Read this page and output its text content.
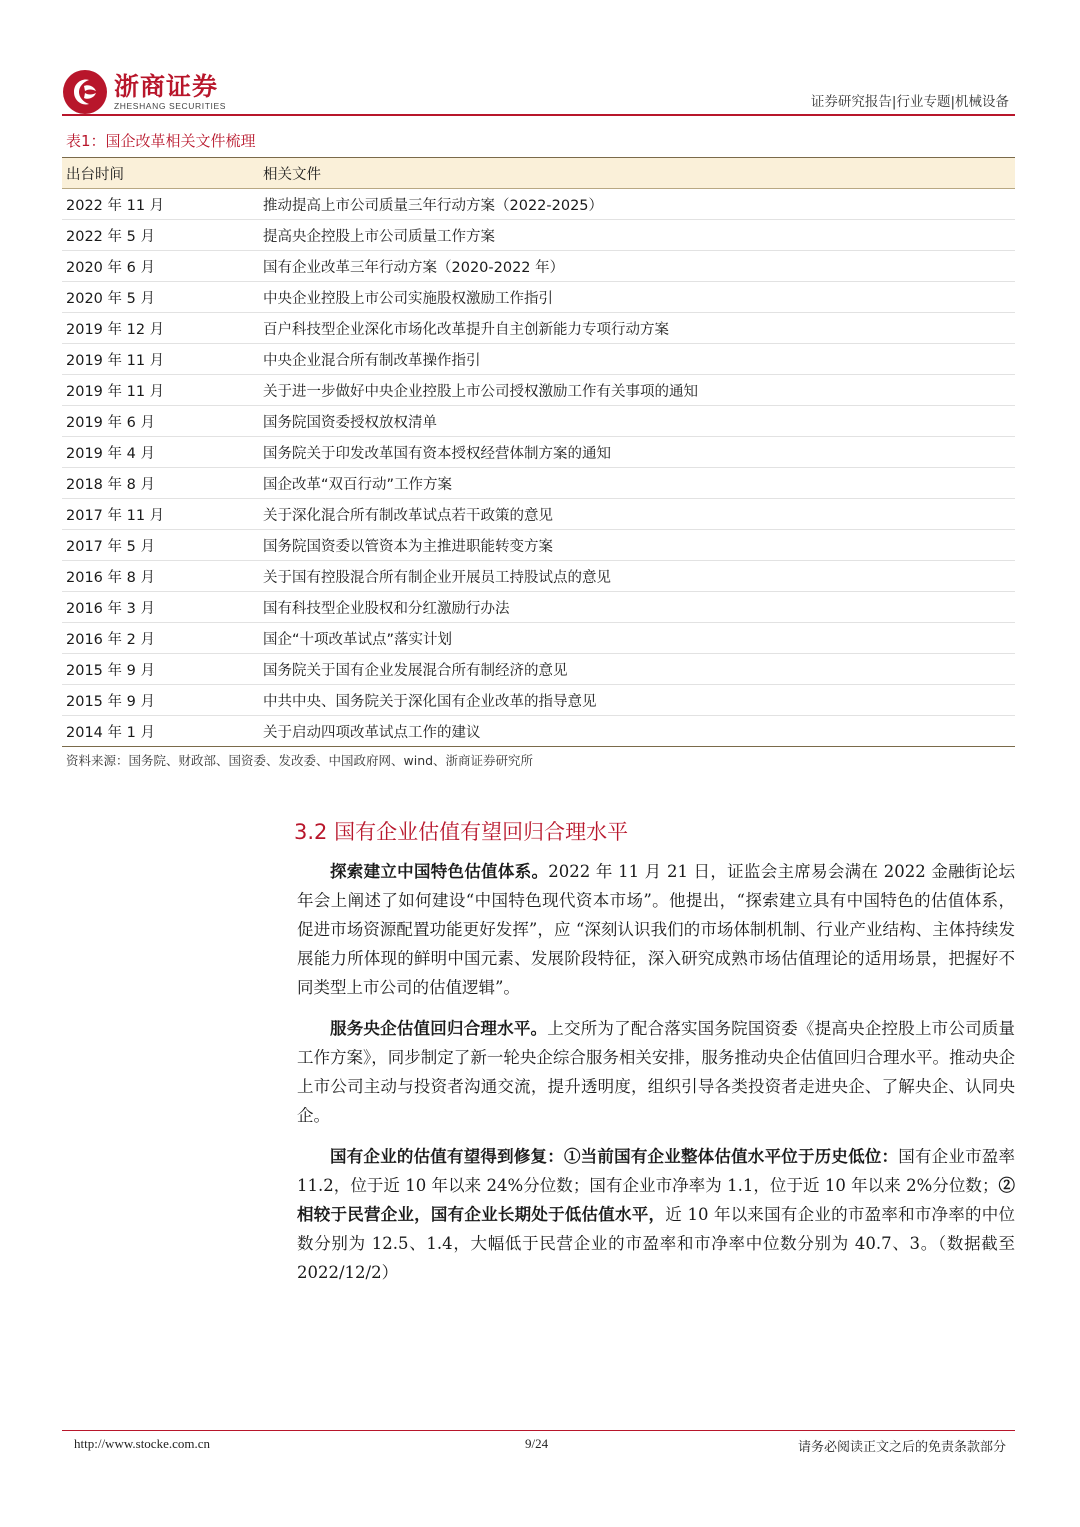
浙商证券
ZHESHANG SECURITIES	证券研究报告|行业专题|机械设备
表1：国企改革相关文件梳理
出台时间	相关文件
2022 年 11 月	推动提高上市公司质量三年行动方案（2022-2025）
2022 年 5 月	提高央企控股上市公司质量工作方案
2020 年 6 月	国有企业改革三年行动方案（2020-2022 年）
2020 年 5 月	中央企业控股上市公司实施股权激励工作指引
2019 年 12 月	百户科技型企业深化市场化改革提升自主创新能力专项行动方案
2019 年 11 月	中央企业混合所有制改革操作指引
2019 年 11 月	关于进一步做好中央企业控股上市公司授权激励工作有关事项的通知
2019 年 6 月	国务院国资委授权放权清单
2019 年 4 月	国务院关于印发改革国有资本授权经营体制方案的通知
2018 年 8 月	国企改革“双百行动”工作方案
2017 年 11 月	关于深化混合所有制改革试点若干政策的意见
2017 年 5 月	国务院国资委以管资本为主推进职能转变方案
2016 年 8 月	关于国有控股混合所有制企业开展员工持股试点的意见
2016 年 3 月	国有科技型企业股权和分红激励行办法
2016 年 2 月	国企“十项改革试点”落实计划
2015 年 9 月	国务院关于国有企业发展混合所有制经济的意见
2015 年 9 月	中共中央、国务院关于深化国有企业改革的指导意见
2014 年 1 月	关于启动四项改革试点工作的建议
资料来源：国务院、财政部、国资委、发改委、中国政府网、wind、浙商证券研究所
3.2 国有企业估值有望回归合理水平

探索建立中国特色估值体系。2022 年 11 月 21 日，证监会主席易会满在 2022 金融街论坛年会上阐述了如何建设“中国特色现代资本市场”。他提出，“探索建立具有中国特色的估值体系，促进市场资源配置功能更好发挥”，应 “深刻认识我们的市场体制机制、行业产业结构、主体持续发展能力所体现的鲜明中国元素、发展阶段特征，深入研究成熟市场估值理论的适用场景，把握好不同类型上市公司的估值逻辑”。

服务央企估值回归合理水平。上交所为了配合落实国务院国资委《提高央企控股上市公司质量工作方案》，同步制定了新一轮央企综合服务相关安排，服务推动央企估值回归合理水平。推动央企上市公司主动与投资者沟通交流，提升透明度，组织引导各类投资者走进央企、了解央企、认同央企。

国有企业的估值有望得到修复：①当前国有企业整体估值水平位于历史低位：国有企业市盈率 11.2，位于近 10 年以来 24%分位数；国有企业市净率为 1.1，位于近 10 年以来 2%分位数；②相较于民营企业，国有企业长期处于低估值水平，近 10 年以来国有企业的市盈率和市净率的中位数分别为 12.5、1.4，大幅低于民营企业的市盈率和市净率中位数分别为 40.7、3。（数据截至 2022/12/2）

http://www.stocke.com.cn	9/24	请务必阅读正文之后的免责条款部分
